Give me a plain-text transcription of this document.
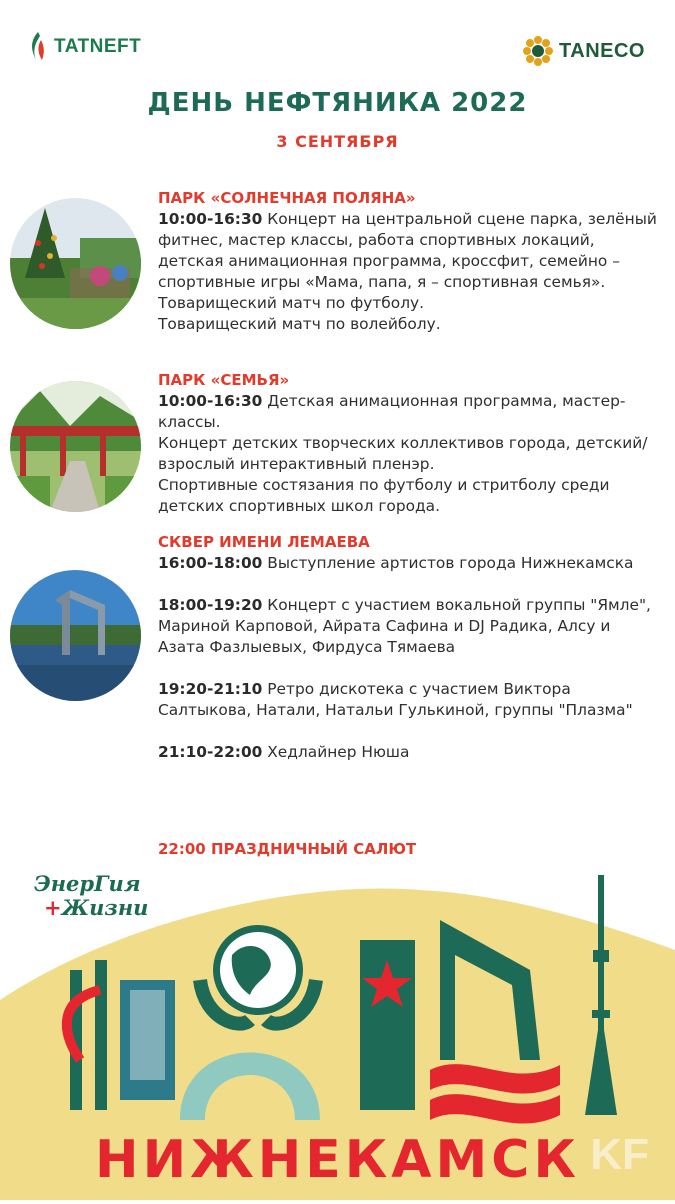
TATNEFT	TANECO
ДЕНЬ НЕФТЯНИКА 2022
3 СЕНТЯБРЯ
ПАРК «СОЛНЕЧНАЯ ПОЛЯНА»

10:00-16:30 Концерт на центральной сцене парка, зелёный фитнес, мастер классы, работа спортивных локаций, детская анимационная программа, кроссфит, семейно – спортивные игры «Мама, папа, я – спортивная семья».

Товарищеский матч по футболу.

Товарищеский матч по волейболу.

ПАРК «СЕМЬЯ»

10:00-16:30 Детская анимационная программа, мастер- классы.

Концерт детских творческих коллективов города, детский/взрослый интерактивный пленэр.

Спортивные состязания по футболу и стритболу среди детских спортивных школ города.

СКВЕР ИМЕНИ ЛЕМАЕВА

16:00-18:00 Выступление артистов города Нижнекамска

18:00-19:20 Концерт с участием вокальной группы "Ямле", Мариной Карповой, Айрата Сафина и DJ Радика, Алсу и Азата Фазлыевых, Фирдуса Тямаева

19:20-21:10 Ретро дискотека с участием Виктора Салтыкова, Натали, Натальи Гулькиной, группы "Плазма"

21:10-22:00 Хедлайнер Нюша

22:00 ПРАЗДНИЧНЫЙ САЛЮТ
ЭнерГия
+Жизни
НИЖНЕКАМСК KF
